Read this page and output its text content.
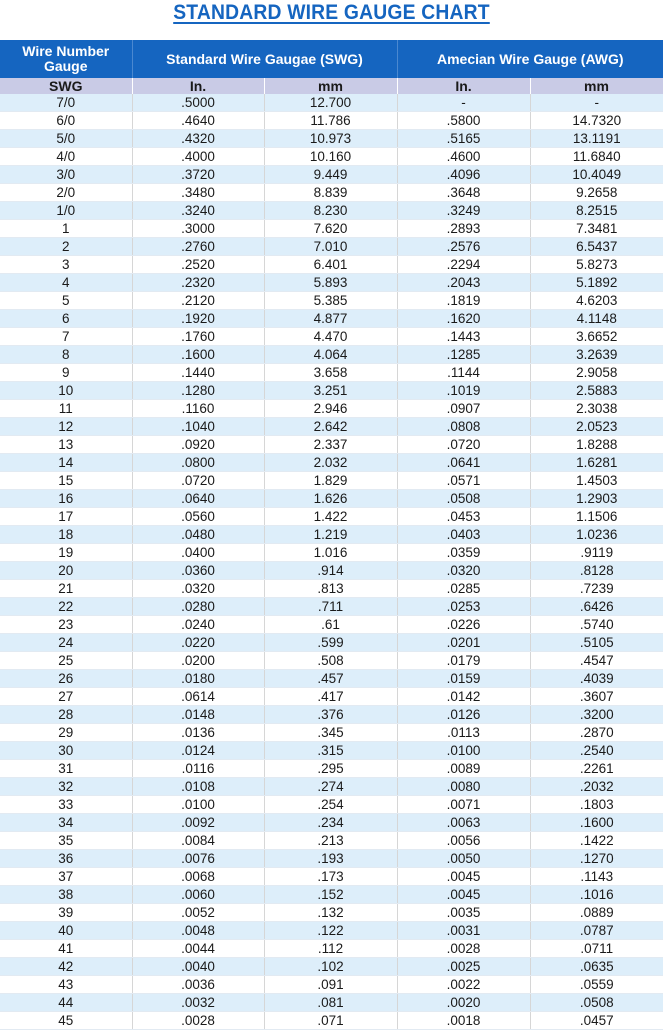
STANDARD WIRE GAUGE CHART
Wire Number Gauge	Standard Wire Gaugae (SWG)		Amecian Wire Gauge (AWG)	
SWG	In.	mm	In.	mm
7/0	.5000	12.700	-	-
6/0	.4640	11.786	.5800	14.7320
5/0	.4320	10.973	.5165	13.1191
4/0	.4000	10.160	.4600	11.6840
3/0	.3720	9.449	.4096	10.4049
2/0	.3480	8.839	.3648	9.2658
1/0	.3240	8.230	.3249	8.2515
1	.3000	7.620	.2893	7.3481
2	.2760	7.010	.2576	6.5437
3	.2520	6.401	.2294	5.8273
4	.2320	5.893	.2043	5.1892
5	.2120	5.385	.1819	4.6203
6	.1920	4.877	.1620	4.1148
7	.1760	4.470	.1443	3.6652
8	.1600	4.064	.1285	3.2639
9	.1440	3.658	.1144	2.9058
10	.1280	3.251	.1019	2.5883
11	.1160	2.946	.0907	2.3038
12	.1040	2.642	.0808	2.0523
13	.0920	2.337	.0720	1.8288
14	.0800	2.032	.0641	1.6281
15	.0720	1.829	.0571	1.4503
16	.0640	1.626	.0508	1.2903
17	.0560	1.422	.0453	1.1506
18	.0480	1.219	.0403	1.0236
19	.0400	1.016	.0359	.9119
20	.0360	.914	.0320	.8128
21	.0320	.813	.0285	.7239
22	.0280	.711	.0253	.6426
23	.0240	.61	.0226	.5740
24	.0220	.599	.0201	.5105
25	.0200	.508	.0179	.4547
26	.0180	.457	.0159	.4039
27	.0614	.417	.0142	.3607
28	.0148	.376	.0126	.3200
29	.0136	.345	.0113	.2870
30	.0124	.315	.0100	.2540
31	.0116	.295	.0089	.2261
32	.0108	.274	.0080	.2032
33	.0100	.254	.0071	.1803
34	.0092	.234	.0063	.1600
35	.0084	.213	.0056	.1422
36	.0076	.193	.0050	.1270
37	.0068	.173	.0045	.1143
38	.0060	.152	.0045	.1016
39	.0052	.132	.0035	.0889
40	.0048	.122	.0031	.0787
41	.0044	.112	.0028	.0711
42	.0040	.102	.0025	.0635
43	.0036	.091	.0022	.0559
44	.0032	.081	.0020	.0508
45	.0028	.071	.0018	.0457
